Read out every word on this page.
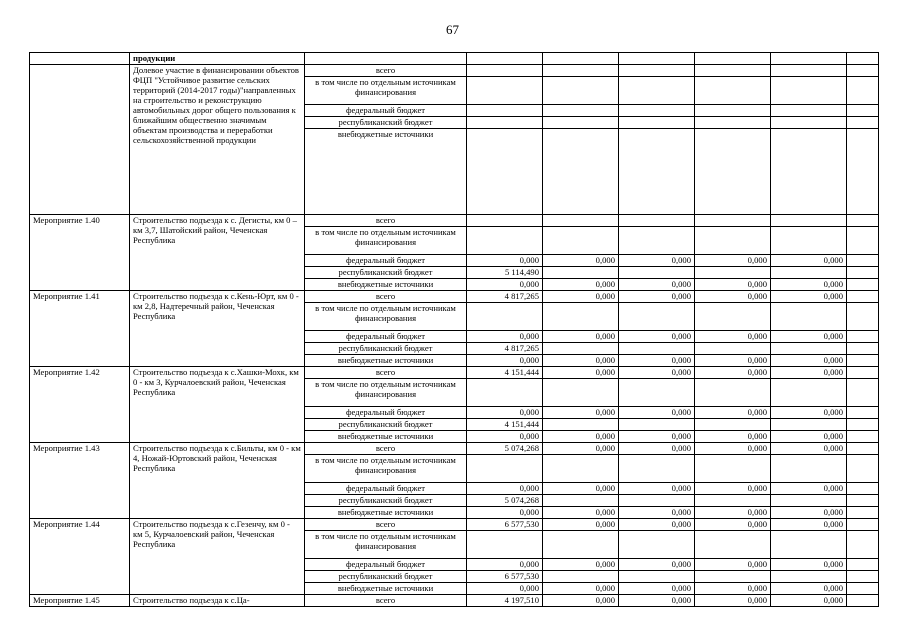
67
	продукции							
	Долевое участие в финансировании объектов ФЦП "Устойчивое развитие сельских территорий (2014-2017 годы)"направленных на строительство и реконструкцию автомобильных дорог общего пользования к ближайшим общественно значимым объектам производства и переработки сельскохозяйственной продукции	всего						
		в том числе по отдельным источникам финансирования						
		федеральный бюджет						
		республиканский бюджет						
		внебюджетные источники						
Мероприятие 1.40	Строительство подъезда к с. Дегисты, км 0 – км 3,7, Шатойский район, Чеченская Республика	всего						
		в том числе по отдельным источникам финансирования						
		федеральный бюджет	0,000	0,000	0,000	0,000	0,000	
		республиканский бюджет	5 114,490					
		внебюджетные источники	0,000	0,000	0,000	0,000	0,000	
Мероприятие 1.41	Строительство подъезда к с.Кень-Юрт, км 0 - км 2,8, Надтеречный район, Чеченская Республика	всего	4 817,265	0,000	0,000	0,000	0,000	
		в том числе по отдельным источникам финансирования						
		федеральный бюджет	0,000	0,000	0,000	0,000	0,000	
		республиканский бюджет	4 817,265					
		внебюджетные источники	0,000	0,000	0,000	0,000	0,000	
Мероприятие 1.42	Строительство подъезда к с.Хашки-Мохк, км 0 - км 3, Курчалоевский район, Чеченская Республика	всего	4 151,444	0,000	0,000	0,000	0,000	
		в том числе по отдельным источникам финансирования						
		федеральный бюджет	0,000	0,000	0,000	0,000	0,000	
		республиканский бюджет	4 151,444					
		внебюджетные источники	0,000	0,000	0,000	0,000	0,000	
Мероприятие 1.43	Строительство подъезда к с.Бильты, км 0 - км 4, Ножай-Юртовский район, Чеченская Республика	всего	5 074,268	0,000	0,000	0,000	0,000	
		в том числе по отдельным источникам финансирования						
		федеральный бюджет	0,000	0,000	0,000	0,000	0,000	
		республиканский бюджет	5 074,268					
		внебюджетные источники	0,000	0,000	0,000	0,000	0,000	
Мероприятие 1.44	Строительство подъезда к с.Гезенчу, км 0 - км 5, Курчалоевский район, Чеченская Республика	всего	6 577,530	0,000	0,000	0,000	0,000	
		в том числе по отдельным источникам финансирования						
		федеральный бюджет	0,000	0,000	0,000	0,000	0,000	
		республиканский бюджет	6 577,530					
		внебюджетные источники	0,000	0,000	0,000	0,000	0,000	
Мероприятие 1.45	Строительство подъезда к с.Ца-	всего	4 197,510	0,000	0,000	0,000	0,000	
